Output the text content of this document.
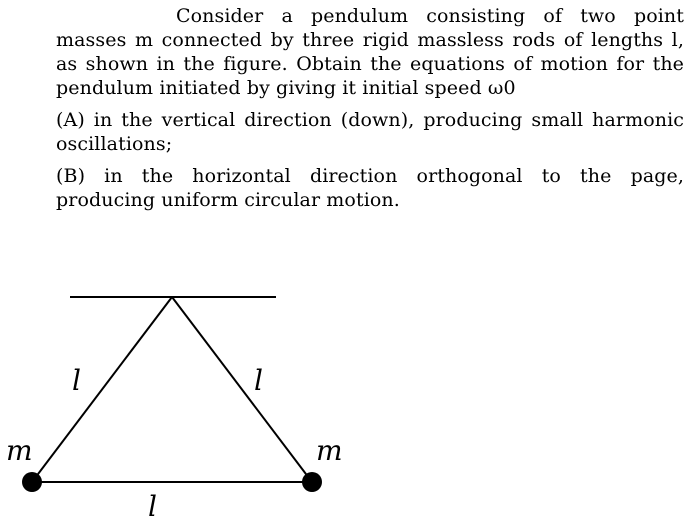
Consider a pendulum consisting of two point masses m connected by three rigid massless rods of lengths l, as shown in the figure. Obtain the equations of motion for the pendulum initiated by giving it initial speed ω0

(A) in the vertical direction (down), producing small harmonic oscillations;

(B) in the horizontal direction orthogonal to the page, producing uniform circular motion.

l	l
l
m	m
